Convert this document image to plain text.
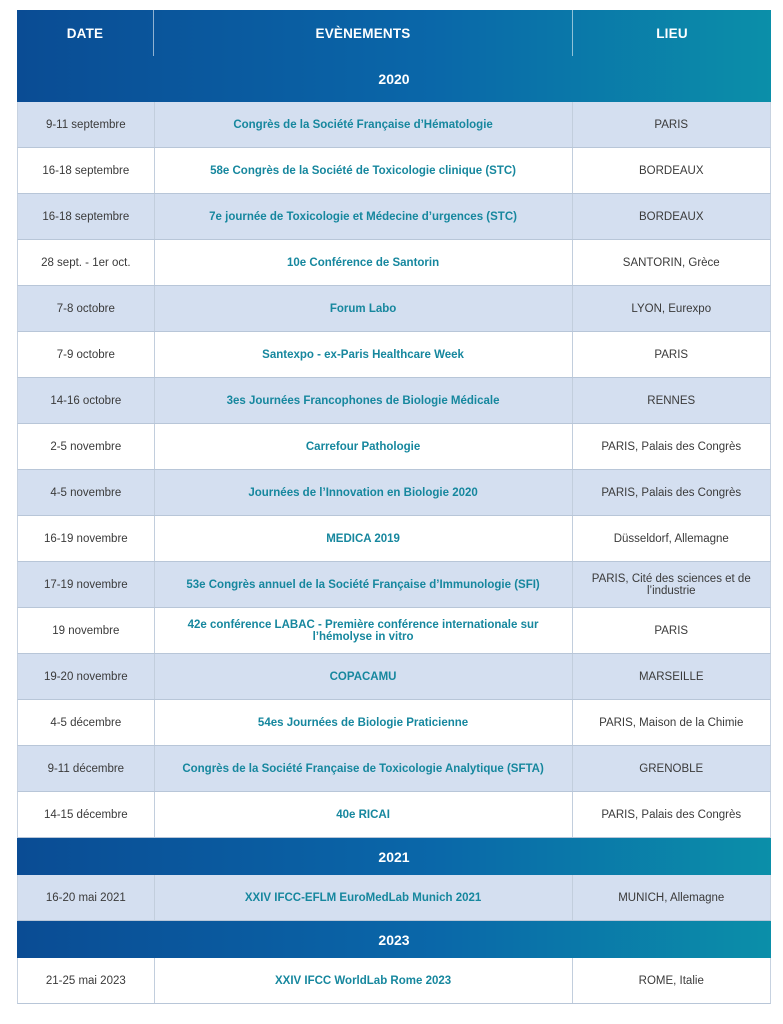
DATE	EVÈNEMENTS	LIEU
2020
9-11 septembre	Congrès de la Société Française d’Hématologie	PARIS
16-18 septembre	58e Congrès de la Société de Toxicologie clinique (STC)	BORDEAUX
16-18 septembre	7e journée de Toxicologie et Médecine d’urgences (STC)	BORDEAUX
28 sept. - 1er oct.	10e Conférence de Santorin	SANTORIN, Grèce
7-8 octobre	Forum Labo	LYON, Eurexpo
7-9 octobre	Santexpo - ex-Paris Healthcare Week	PARIS
14-16 octobre	3es Journées Francophones de Biologie Médicale	RENNES
2-5 novembre	Carrefour Pathologie	PARIS, Palais des Congrès
4-5 novembre	Journées de l’Innovation en Biologie 2020	PARIS, Palais des Congrès
16-19 novembre	MEDICA 2019	Düsseldorf, Allemagne
17-19 novembre	53e Congrès annuel de la Société Française d’Immunologie (SFI)	PARIS, Cité des sciences et de l’industrie
19 novembre	42e conférence LABAC - Première conférence internationale sur l’hémolyse in vitro	PARIS
19-20 novembre	COPACAMU	MARSEILLE
4-5 décembre	54es Journées de Biologie Praticienne	PARIS, Maison de la Chimie
9-11 décembre	Congrès de la Société Française de Toxicologie Analytique (SFTA)	GRENOBLE
14-15 décembre	40e RICAI	PARIS, Palais des Congrès
2021
16-20 mai 2021	XXIV IFCC-EFLM EuroMedLab Munich 2021	MUNICH, Allemagne
2023
21-25 mai 2023	XXIV IFCC WorldLab Rome 2023	ROME, Italie
